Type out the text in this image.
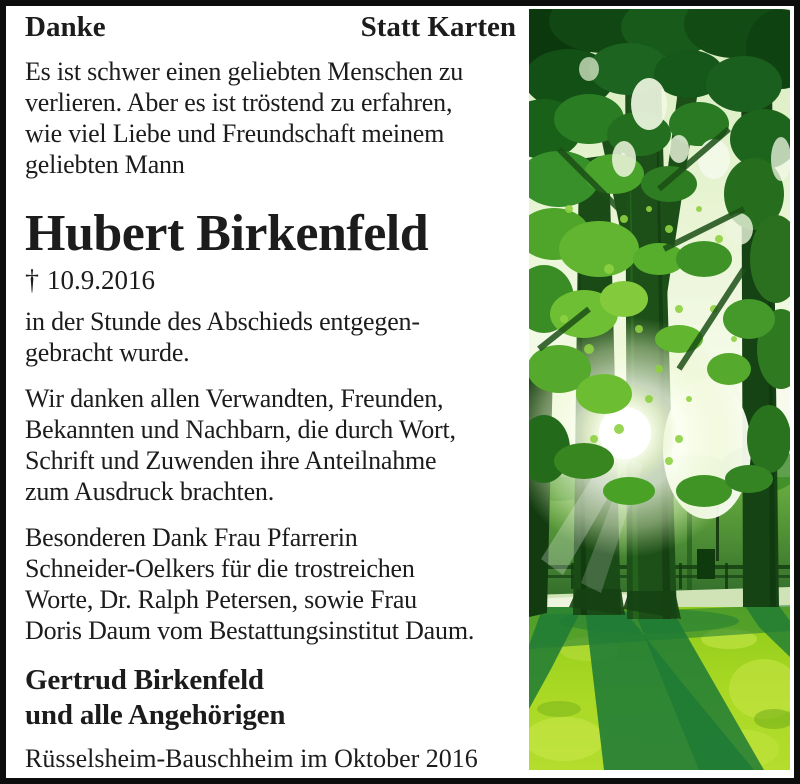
Danke	Statt Karten
Es ist schwer einen geliebten Menschen zu
verlieren. Aber es ist tröstend zu erfahren,
wie viel Liebe und Freundschaft meinem
geliebten Mann
Hubert Birkenfeld
† 10.9.2016
in der Stunde des Abschieds entgegen-
gebracht wurde.
Wir danken allen Verwandten, Freunden,
Bekannten und Nachbarn, die durch Wort,
Schrift und Zuwenden ihre Anteilnahme
zum Ausdruck brachten.
Besonderen Dank Frau Pfarrerin
Schneider-Oelkers für die trostreichen
Worte, Dr. Ralph Petersen, sowie Frau
Doris Daum vom Bestattungsinstitut Daum.
Gertrud Birkenfeld
und alle Angehörigen
Rüsselsheim-Bauschheim im Oktober 2016
